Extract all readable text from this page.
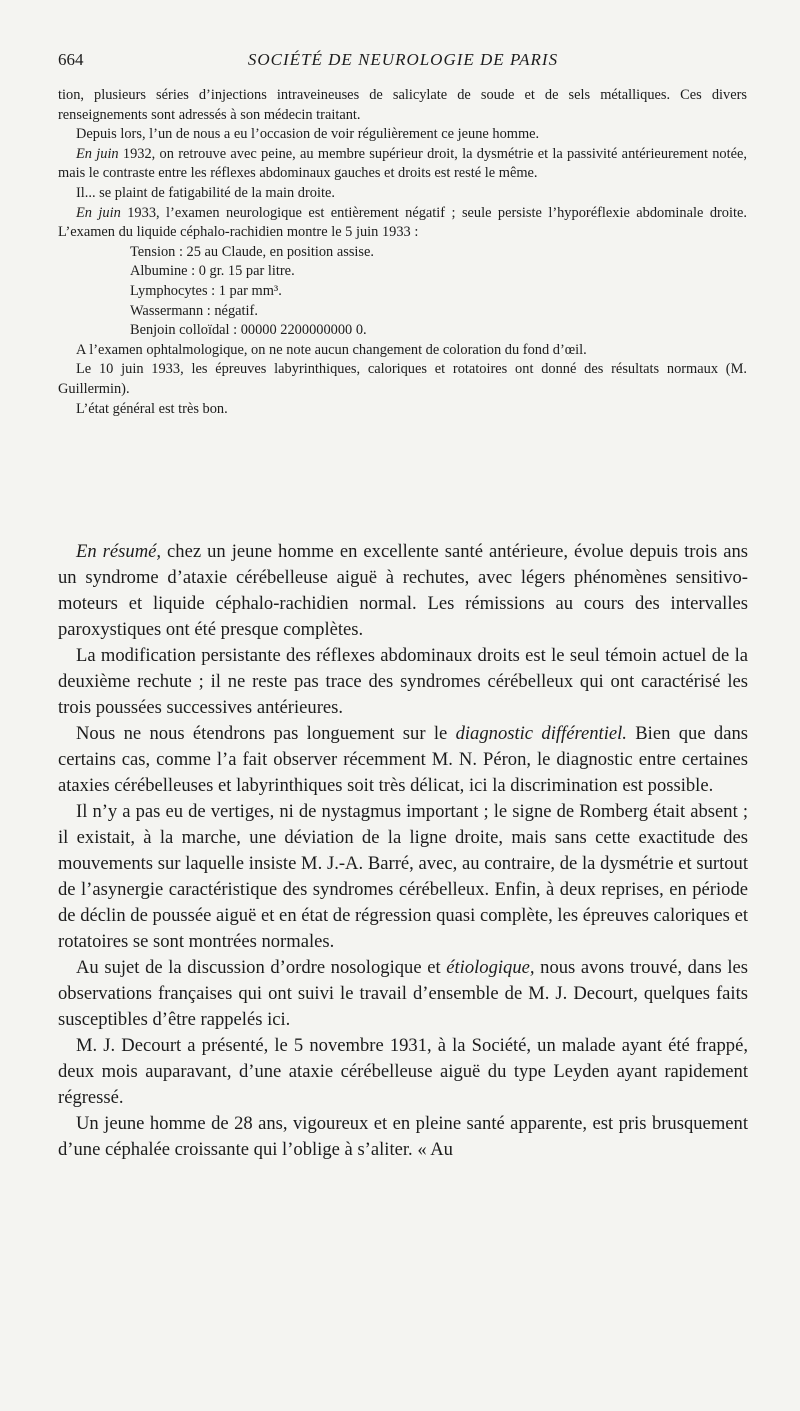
664	SOCIÉTÉ DE NEUROLOGIE DE PARIS

tion, plusieurs séries d’injections intraveineuses de salicylate de soude et de sels métalliques. Ces divers renseignements sont adressés à son médecin traitant.

Depuis lors, l’un de nous a eu l’occasion de voir régulièrement ce jeune homme.

En juin 1932, on retrouve avec peine, au membre supérieur droit, la dysmétrie et la passivité antérieurement notée, mais le contraste entre les réflexes abdominaux gauches et droits est resté le même.

Il... se plaint de fatigabilité de la main droite.

En juin 1933, l’examen neurologique est entièrement négatif ; seule persiste l’hyporéflexie abdominale droite. L’examen du liquide céphalo-rachidien montre le 5 juin 1933 :

Tension : 25 au Claude, en position assise.
Albumine : 0 gr. 15 par litre.
Lymphocytes : 1 par mm³.
Wassermann : négatif.
Benjoin colloïdal : 00000 2200000000 0.

A l’examen ophtalmologique, on ne note aucun changement de coloration du fond d’œil.

Le 10 juin 1933, les épreuves labyrinthiques, caloriques et rotatoires ont donné des résultats normaux (M. Guillermin).

L’état général est très bon.

En résumé, chez un jeune homme en excellente santé antérieure, évolue depuis trois ans un syndrome d’ataxie cérébelleuse aiguë à rechutes, avec légers phénomènes sensitivo-moteurs et liquide céphalo-rachidien normal. Les rémissions au cours des intervalles paroxystiques ont été presque complètes.

La modification persistante des réflexes abdominaux droits est le seul témoin actuel de la deuxième rechute ; il ne reste pas trace des syndromes cérébelleux qui ont caractérisé les trois poussées successives antérieures.

Nous ne nous étendrons pas longuement sur le diagnostic différentiel. Bien que dans certains cas, comme l’a fait observer récemment M. N. Péron, le diagnostic entre certaines ataxies cérébelleuses et labyrinthiques soit très délicat, ici la discrimination est possible.

Il n’y a pas eu de vertiges, ni de nystagmus important ; le signe de Romberg était absent ; il existait, à la marche, une déviation de la ligne droite, mais sans cette exactitude des mouvements sur laquelle insiste M. J.-A. Barré, avec, au contraire, de la dysmétrie et surtout de l’asynergie caractéristique des syndromes cérébelleux. Enfin, à deux reprises, en période de déclin de poussée aiguë et en état de régression quasi complète, les épreuves caloriques et rotatoires se sont montrées normales.

Au sujet de la discussion d’ordre nosologique et étiologique, nous avons trouvé, dans les observations françaises qui ont suivi le travail d’ensemble de M. J. Decourt, quelques faits susceptibles d’être rappelés ici.

M. J. Decourt a présenté, le 5 novembre 1931, à la Société, un malade ayant été frappé, deux mois auparavant, d’une ataxie cérébelleuse aiguë du type Leyden ayant rapidement régressé.

Un jeune homme de 28 ans, vigoureux et en pleine santé apparente, est pris brusquement d’une céphalée croissante qui l’oblige à s’aliter. « Au
